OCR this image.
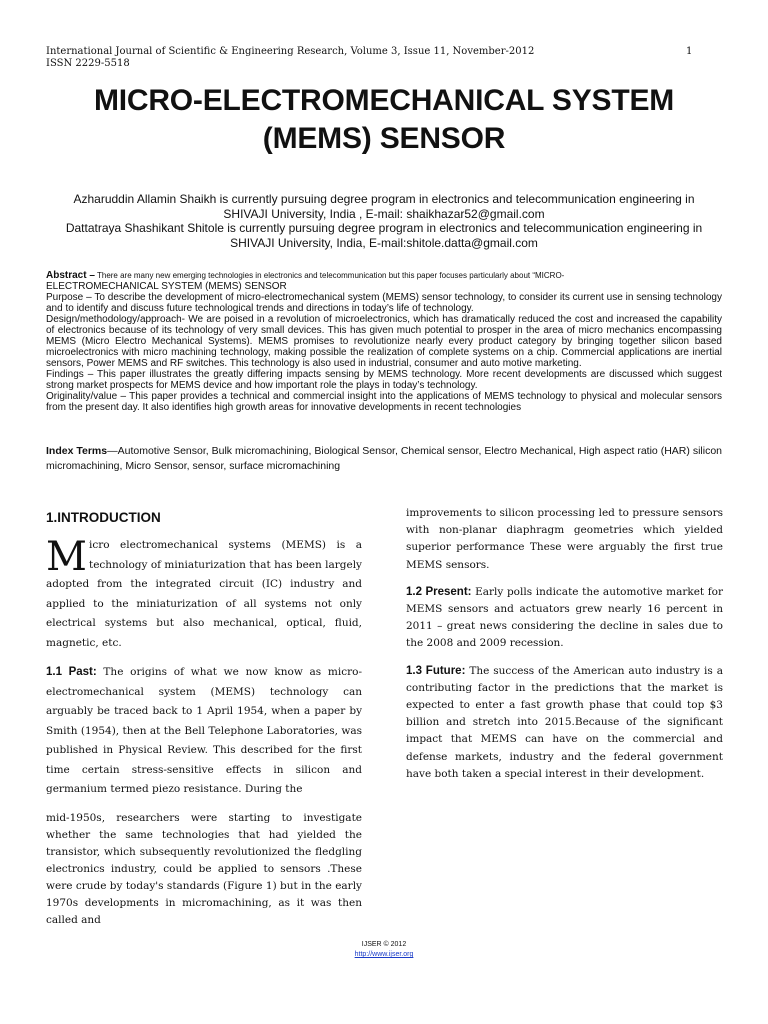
International Journal of Scientific & Engineering Research, Volume 3, Issue 11, November-2012
ISSN 2229-5518
1
MICRO-ELECTROMECHANICAL SYSTEM
(MEMS) SENSOR
Azharuddin Allamin Shaikh is currently pursuing degree program in electronics and telecommunication engineering in
SHIVAJI University, India , E-mail: shaikhazar52@gmail.com
Dattatraya Shashikant Shitole is currently pursuing degree program in electronics and telecommunication engineering in
SHIVAJI University, India, E-mail:shitole.datta@gmail.com

Abstract – There are many new emerging technologies in electronics and telecommunication but this paper focuses particularly about “MICRO-
ELECTROMECHANICAL SYSTEM (MEMS) SENSOR

Purpose – To describe the development of micro-electromechanical system (MEMS) sensor technology, to consider its current use in sensing technology and to identify and discuss future technological trends and directions in today’s life of technology.

Design/methodology/approach- We are poised in a revolution of microelectronics, which has dramatically reduced the cost and increased the capability of electronics because of its technology of very small devices. This has given much potential to prosper in the area of micro mechanics encompassing MEMS (Micro Electro Mechanical Systems). MEMS promises to revolutionize nearly every product category by bringing together silicon based microelectronics with micro machining technology, making possible the realization of complete systems on a chip. Commercial applications are inertial sensors, Power MEMS and RF switches. This technology is also used in industrial, consumer and auto motive marketing.

Findings – This paper illustrates the greatly differing impacts sensing by MEMS technology. More recent developments are discussed which suggest strong market prospects for MEMS device and how important role the plays in today’s technology.

Originality/value – This paper provides a technical and commercial insight into the applications of MEMS technology to physical and molecular sensors from the present day. It also identifies high growth areas for innovative developments in recent technologies

Index Terms—Automotive Sensor, Bulk micromachining, Biological Sensor, Chemical sensor, Electro Mechanical, High aspect ratio (HAR) silicon micromachining, Micro Sensor, sensor, surface micromachining

1.INTRODUCTION

Micro electromechanical systems (MEMS) is a technology of miniaturization that has been largely adopted from the integrated circuit (IC) industry and applied to the miniaturization of all systems not only electrical systems but also mechanical, optical, fluid, magnetic, etc.

1.1 Past: The origins of what we now know as micro-electromechanical system (MEMS) technology can arguably be traced back to 1 April 1954, when a paper by Smith (1954), then at the Bell Telephone Laboratories, was published in Physical Review. This described for the first time certain stress-sensitive effects in silicon and germanium termed piezo resistance. During the

mid-1950s, researchers were starting to investigate whether the same technologies that had yielded the transistor, which subsequently revolutionized the fledgling electronics industry, could be applied to sensors .These were crude by today's standards (Figure 1) but in the early 1970s developments in micromachining, as it was then called and

improvements to silicon processing led to pressure sensors with non-planar diaphragm geometries which yielded superior performance These were arguably the first true MEMS sensors.

1.2 Present: Early polls indicate the automotive market for MEMS sensors and actuators grew nearly 16 percent in 2011 – great news considering the decline in sales due to the 2008 and 2009 recession.

1.3 Future: The success of the American auto industry is a contributing factor in the predictions that the market is expected to enter a fast growth phase that could top $3 billion and stretch into 2015.Because of the significant impact that MEMS can have on the commercial and defense markets, industry and the federal government have both taken a special interest in their development.

IJSER © 2012
http://www.ijser.org
